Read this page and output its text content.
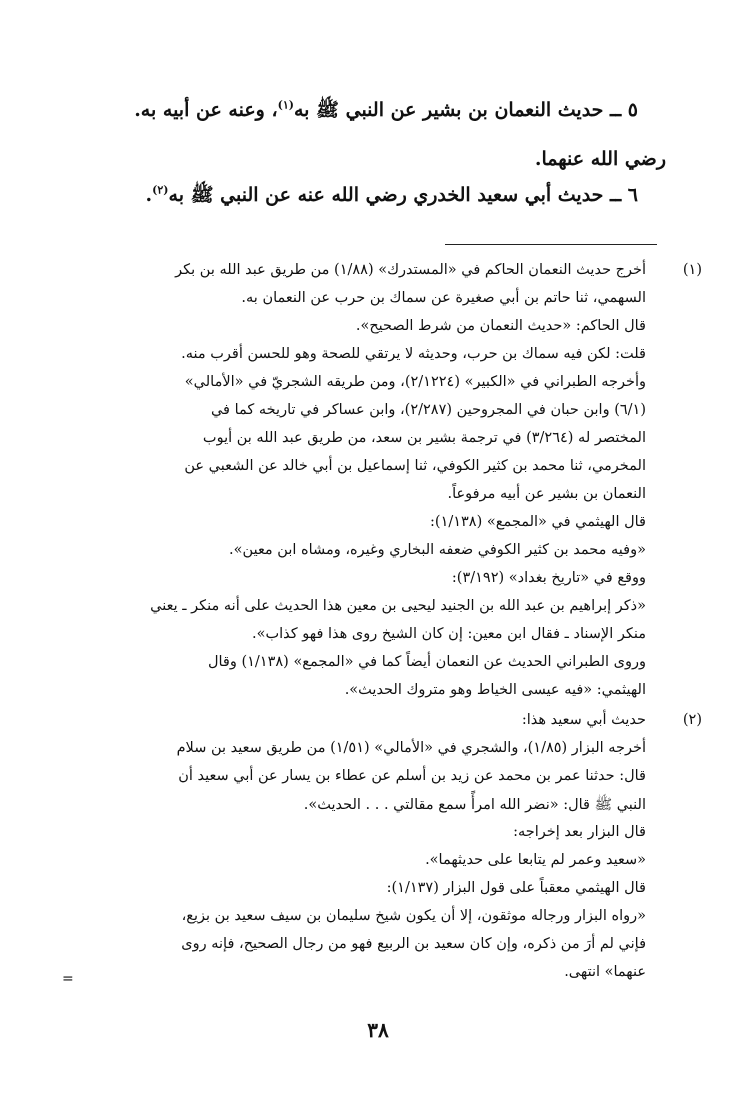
٥ ــ حديث النعمان بن بشير عن النبي ﷺ به$^{(١)}$، وعنه عن أبيه به.
رضي الله عنهما.
٦ ــ حديث أبي سعيد الخدري رضي الله عنه عن النبي ﷺ به$^{(٢)}$.
(١)
أخرج حديث النعمان الحاكم في «المستدرك» (١/٨٨) من طريق عبد الله بن بكر
السهمي، ثنا حاتم بن أبي صغيرة عن سماك بن حرب عن النعمان به.
قال الحاكم: «حديث النعمان من شرط الصحيح».
قلت: لكن فيه سماك بن حرب، وحديثه لا يرتقي للصحة وهو للحسن أقرب منه.
وأخرجه الطبراني في «الكبير» (٢/١٢٢٤)، ومن طريقه الشجريّ في «الأمالي»
(٦/١) وابن حبان في المجروحين (٢/٢٨٧)، وابن عساكر في تاريخه كما في
المختصر له (٣/٢٦٤) في ترجمة بشير بن سعد، من طريق عبد الله بن أيوب
المخرمي، ثنا محمد بن كثير الكوفي، ثنا إسماعيل بن أبي خالد عن الشعبي عن
النعمان بن بشير عن أبيه مرفوعاً.
قال الهيثمي في «المجمع» (١/١٣٨):
«وفيه محمد بن كثير الكوفي ضعفه البخاري وغيره، ومشاه ابن معين».
ووقع في «تاريخ بغداد» (٣/١٩٢):
«ذكر إبراهيم بن عبد الله بن الجنيد ليحيى بن معين هذا الحديث على أنه منكر ـ يعني
منكر الإسناد ـ فقال ابن معين: إن كان الشيخ روى هذا فهو كذاب».
وروى الطبراني الحديث عن النعمان أيضاً كما في «المجمع» (١/١٣٨) وقال
الهيثمي: «فيه عيسى الخياط وهو متروك الحديث».
(٢)
حديث أبي سعيد هذا:
أخرجه البزار (١/٨٥)، والشجري في «الأمالي» (١/٥١) من طريق سعيد بن سلام
قال: حدثنا عمر بن محمد عن زيد بن أسلم عن عطاء بن يسار عن أبي سعيد أن
النبي ﷺ قال: «نضر الله امرأً سمع مقالتي . . . الحديث».
قال البزار بعد إخراجه:
«سعيد وعمر لم يتابعا على حديثهما».
قال الهيثمي معقباً على قول البزار (١/١٣٧):
«رواه البزار ورجاله موثقون، إلا أن يكون شيخ سليمان بن سيف سعيد بن بزيع،
فإني لم أرَ من ذكره، وإن كان سعيد بن الربيع فهو من رجال الصحيح، فإنه روى
عنهما» انتهى.
=
٣٨
